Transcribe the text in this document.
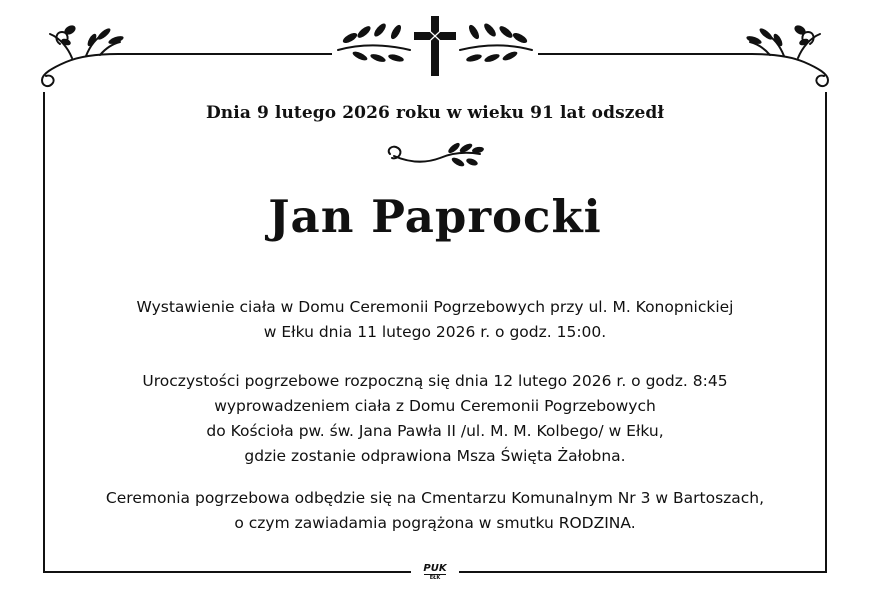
Dnia 9 lutego 2026 roku w wieku 91 lat odszedł
Jan Paprocki
Wystawienie ciała w Domu Ceremonii Pogrzebowych przy ul. M. Konopnickiej
w Ełku dnia 11 lutego 2026 r. o godz. 15:00.
Uroczystości pogrzebowe rozpoczną się dnia 12 lutego 2026 r. o godz. 8:45
wyprowadzeniem ciała z Domu Ceremonii Pogrzebowych
do Kościoła pw. św. Jana Pawła II /ul. M. M. Kolbego/ w Ełku,
gdzie zostanie odprawiona Msza Święta Żałobna.
Ceremonia pogrzebowa odbędzie się na Cmentarzu Komunalnym Nr 3 w Bartoszach,
o czym zawiadamia pogrążona w smutku RODZINA.
PUK
EŁK
